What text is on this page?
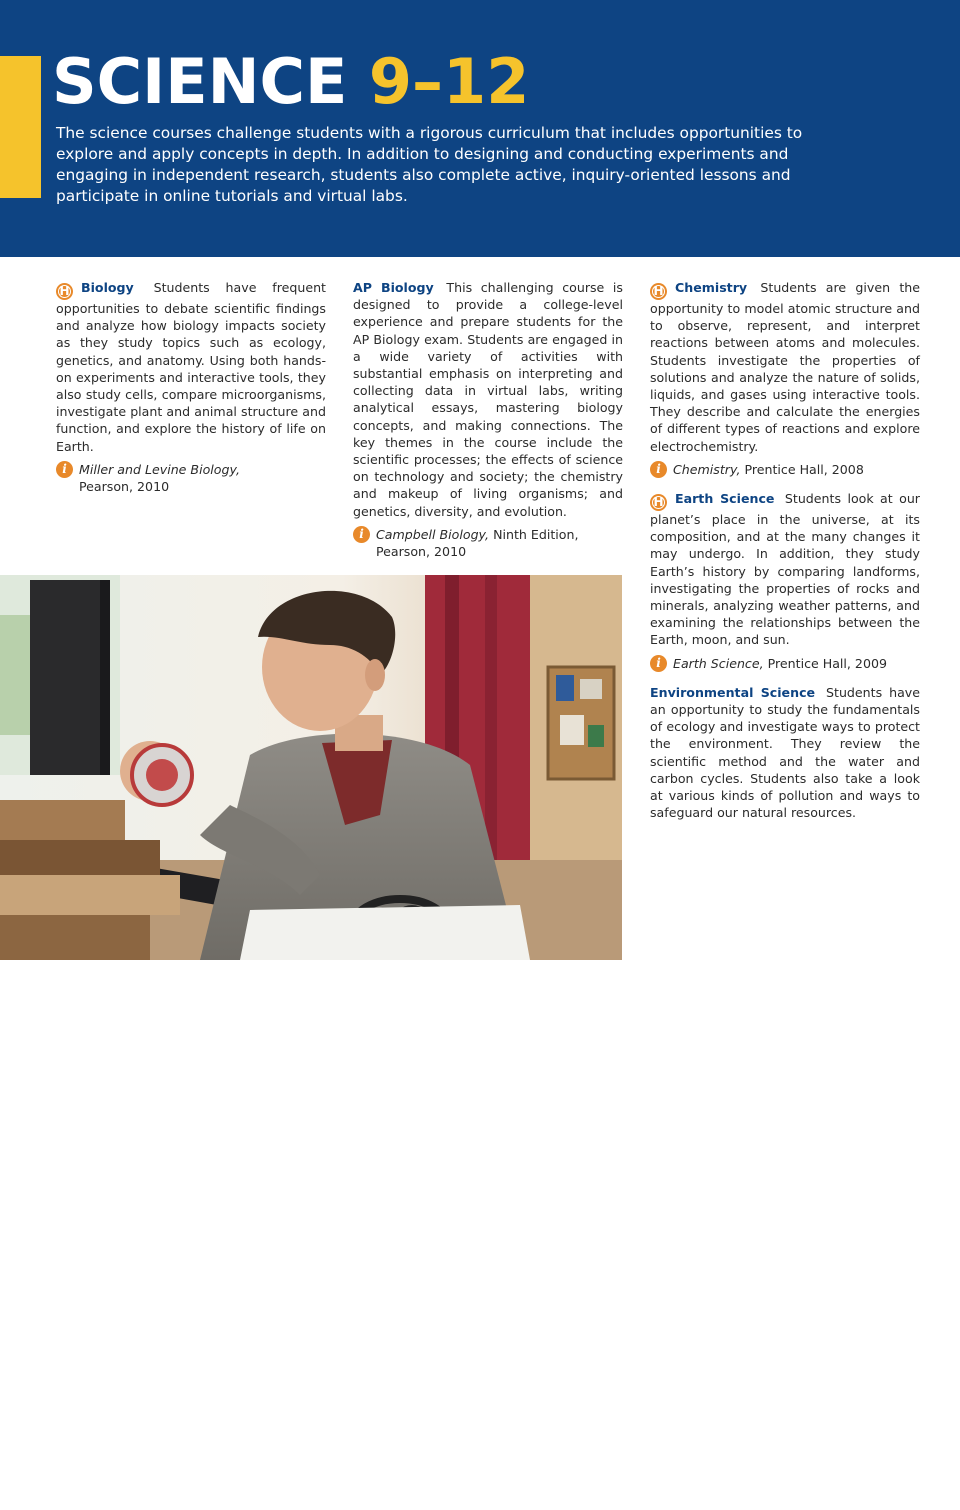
SCIENCE 9–12

The science courses challenge students with a rigorous curriculum that includes opportunities to explore and apply concepts in depth. In addition to designing and conducting experiments and engaging in independent research, students also complete active, inquiry-oriented lessons and participate in online tutorials and virtual labs.

H Biology Students have frequent opportunities to debate scientific findings and analyze how biology impacts society as they study topics such as ecology, genetics, and anatomy. Using both hands-on experiments and interactive tools, they also study cells, compare microorganisms, investigate plant and animal structure and function, and explore the history of life on Earth.

i Miller and Levine Biology,
Pearson, 2010

AP Biology This challenging course is designed to provide a college-level experience and prepare students for the AP Biology exam. Students are engaged in a wide variety of activities with substantial emphasis on interpreting and collecting data in virtual labs, writing analytical essays, mastering biology concepts, and making connections. The key themes in the course include the scientific processes; the effects of science on technology and society; the chemistry and makeup of living organisms; and genetics, diversity, and evolution.

i Campbell Biology, Ninth Edition, Pearson, 2010

H Chemistry Students are given the opportunity to model atomic structure and to observe, represent, and interpret reactions between atoms and molecules. Students investigate the properties of solutions and analyze the nature of solids, liquids, and gases using interactive tools. They describe and calculate the energies of different types of reactions and explore electrochemistry.

i Chemistry, Prentice Hall, 2008

H Earth Science Students look at our planet’s place in the universe, at its composition, and at the many changes it may undergo. In addition, they study Earth’s history by comparing landforms, investigating the properties of rocks and minerals, analyzing weather patterns, and examining the relationships between the Earth, moon, and sun.

i Earth Science, Prentice Hall, 2009

Environmental Science Students have an opportunity to study the fundamentals of ecology and investigate ways to protect the environment. They review the scientific method and the water and carbon cycles. Students also take a look at various kinds of pollution and ways to safeguard our natural resources.

86
